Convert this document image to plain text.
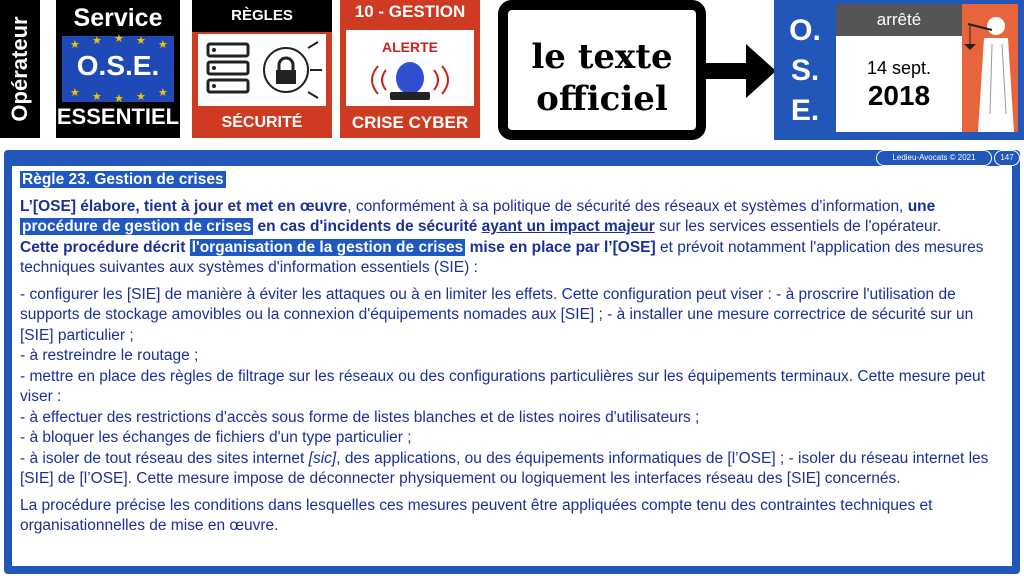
Opérateur	Service
★ ★ ★ ★ ★
★ ★ ★ ★ ★
O.S.E.
ESSENTIEL
RÈGLES
SÉCURITÉ
10 - GESTION
ALERTE
CRISE CYBER
le texte
officiel
O.
S.
E.
arrêté
14 sept.
2018
Ledieu-Avocats © 2021	147

Règle 23. Gestion de crises

L’[OSE] élabore, tient à jour et met en œuvre, conformément à sa politique de sécurité des réseaux et systèmes d'information, une procédure de gestion de crises en cas d'incidents de sécurité ayant un impact majeur sur les services essentiels de l'opérateur.

Cette procédure décrit l'organisation de la gestion de crises mise en place par l’[OSE] et prévoit notamment l'application des mesures techniques suivantes aux systèmes d'information essentiels (SIE) :

- configurer les [SIE] de manière à éviter les attaques ou à en limiter les effets. Cette configuration peut viser : - à proscrire l'utilisation de supports de stockage amovibles ou la connexion d'équipements nomades aux [SIE] ; - à installer une mesure correctrice de sécurité sur un [SIE] particulier ;

- à restreindre le routage ;

- mettre en place des règles de filtrage sur les réseaux ou des configurations particulières sur les équipements terminaux. Cette mesure peut viser :

- à effectuer des restrictions d'accès sous forme de listes blanches et de listes noires d'utilisateurs ;

- à bloquer les échanges de fichiers d'un type particulier ;

- à isoler de tout réseau des sites internet [sic], des applications, ou des équipements informatiques de [l’OSE] ; - isoler du réseau internet les [SIE] de [l’OSE]. Cette mesure impose de déconnecter physiquement ou logiquement les interfaces réseau des [SIE] concernés.

La procédure précise les conditions dans lesquelles ces mesures peuvent être appliquées compte tenu des contraintes techniques et organisationnelles de mise en œuvre.
